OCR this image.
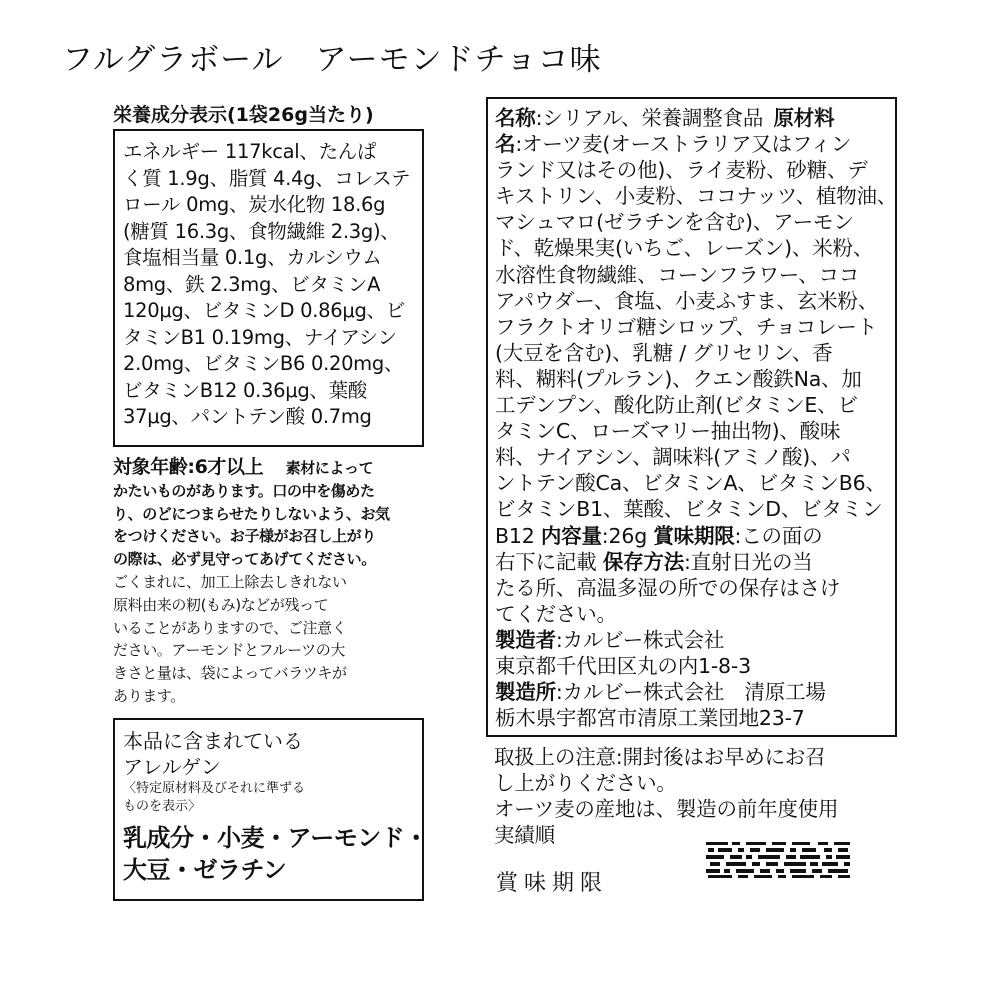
フルグラボール　アーモンドチョコ味
栄養成分表示(1袋26g当たり)
エネルギー 117kcal、たんぱ
く質 1.9g、脂質 4.4g、コレステ
ロール 0mg、炭水化物 18.6g
(糖質 16.3g、食物繊維 2.3g)、
食塩相当量 0.1g、カルシウム
8mg、鉄 2.3mg、ビタミンA
120μg、ビタミンD 0.86μg、ビ
タミンB1 0.19mg、ナイアシン
2.0mg、ビタミンB6 0.20mg、
ビタミンB12 0.36μg、葉酸
37μg、パントテン酸 0.7mg
対象年齢:6才以上 素材によって
かたいものがあります。口の中を傷めた
り、のどにつまらせたりしないよう、お気
をつけください。お子様がお召し上がり
の際は、必ず見守ってあげてください。
ごくまれに、加工上除去しきれない
原料由来の籾(もみ)などが残って
いることがありますので、ご注意く
ださい。アーモンドとフルーツの大
きさと量は、袋によってバラツキが
あります。
本品に含まれている
アレルゲン
〈特定原材料及びそれに準ずる
ものを表示〉
乳成分・小麦・アーモンド・
大豆・ゼラチン
名称:シリアル、栄養調整食品 原材料
名:オーツ麦(オーストラリア又はフィン
ランド又はその他)、ライ麦粉、砂糖、デ
キストリン、小麦粉、ココナッツ、植物油、
マシュマロ(ゼラチンを含む)、アーモン
ド、乾燥果実(いちご、レーズン)、米粉、
水溶性食物繊維、コーンフラワー、ココ
アパウダー、食塩、小麦ふすま、玄米粉、
フラクトオリゴ糖シロップ、チョコレート
(大豆を含む)、乳糖 / グリセリン、香
料、糊料(プルラン)、クエン酸鉄Na、加
工デンプン、酸化防止剤(ビタミンE、ビ
タミンC、ローズマリー抽出物)、酸味
料、ナイアシン、調味料(アミノ酸)、パ
ントテン酸Ca、ビタミンA、ビタミンB6、
ビタミンB1、葉酸、ビタミンD、ビタミン
B12 内容量:26g 賞味期限:この面の
右下に記載 保存方法:直射日光の当
たる所、高温多湿の所での保存はさけ
てください。
製造者:カルビー株式会社
東京都千代田区丸の内1-8-3
製造所:カルビー株式会社　清原工場
栃木県宇都宮市清原工業団地23-7
取扱上の注意:開封後はお早めにお召
し上がりください。
オーツ麦の産地は、製造の前年度使用
実績順
賞味期限
